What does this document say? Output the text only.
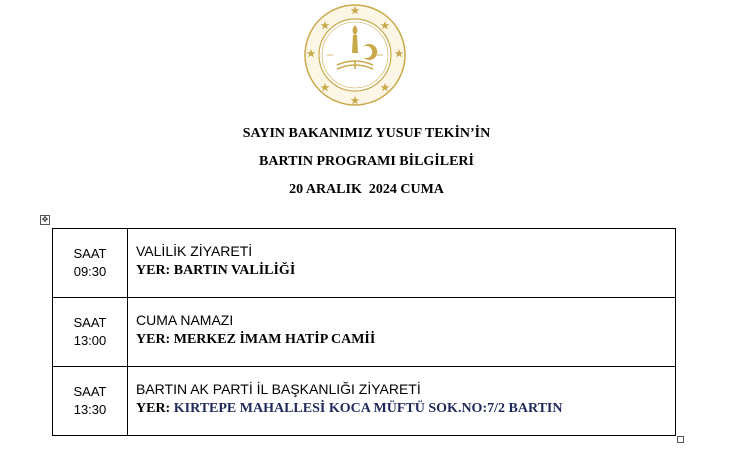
SAYIN BAKANIMIZ YUSUF TEKİN’İN
BARTIN PROGRAMI BİLGİLERİ
20 ARALIK  2024 CUMA
✥
SAAT
09:30	VALİLİK ZİYARETİ
YER: BARTIN VALİLİĞİ

SAAT
13:00	CUMA NAMAZI
YER: MERKEZ İMAM HATİP CAMİİ

SAAT
13:30	BARTIN AK PARTİ İL BAŞKANLIĞI ZİYARETİ
YER: KIRTEPE MAHALLESİ KOCA MÜFTÜ SOK.NO:7/2 BARTIN
